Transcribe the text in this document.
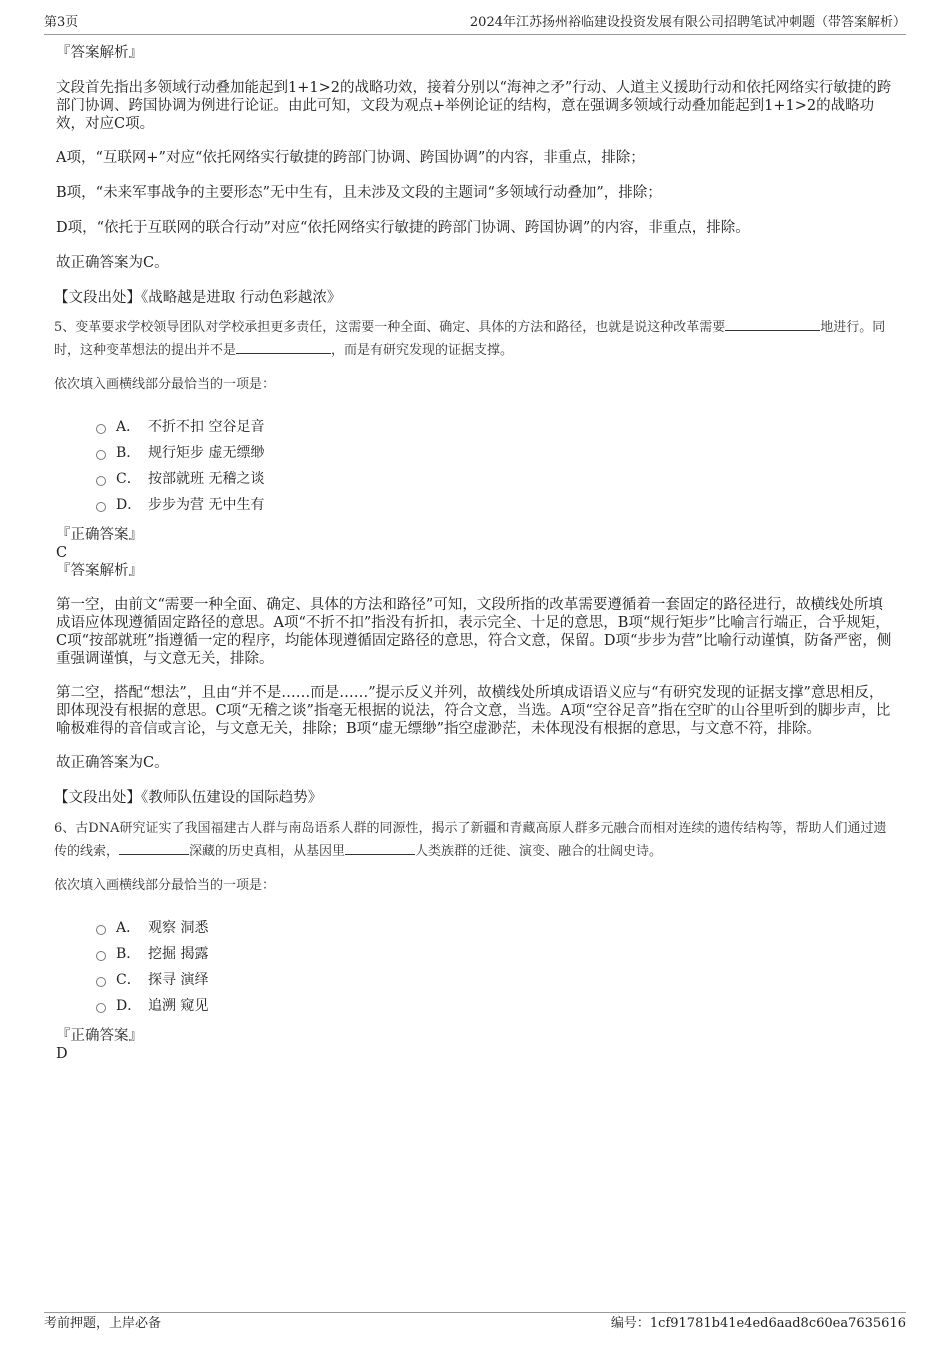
第3页	2024年江苏扬州裕临建设投资发展有限公司招聘笔试冲刺题（带答案解析）

『答案解析』

文段首先指出多领域行动叠加能起到1+1>2的战略功效，接着分别以“海神之矛”行动、人道主义援助行动和依托网络实行敏捷的跨部门协调、跨国协调为例进行论证。由此可知，文段为观点+举例论证的结构，意在强调多领域行动叠加能起到1+1>2的战略功效，对应C项。

A项，“互联网+”对应“依托网络实行敏捷的跨部门协调、跨国协调”的内容，非重点，排除；

B项，“未来军事战争的主要形态”无中生有，且未涉及文段的主题词“多领域行动叠加”，排除；

D项，“依托于互联网的联合行动”对应“依托网络实行敏捷的跨部门协调、跨国协调”的内容，非重点，排除。

故正确答案为C。

【文段出处】《战略越是进取 行动色彩越浓》

5、变革要求学校领导团队对学校承担更多责任，这需要一种全面、确定、具体的方法和路径，也就是说这种改革需要	地进行。同时，这种变革想法的提出并不是	，而是有研究发现的证据支撑。

依次填入画横线部分最恰当的一项是：

A． 不折不扣 空谷足音
B． 规行矩步 虚无缥缈
C． 按部就班 无稽之谈
D． 步步为营 无中生有

『正确答案』

C

『答案解析』

第一空，由前文“需要一种全面、确定、具体的方法和路径”可知，文段所指的改革需要遵循着一套固定的路径进行，故横线处所填成语应体现遵循固定路径的意思。A项“不折不扣”指没有折扣，表示完全、十足的意思，B项“规行矩步”比喻言行端正，合乎规矩，C项“按部就班”指遵循一定的程序，均能体现遵循固定路径的意思，符合文意，保留。D项“步步为营”比喻行动谨慎，防备严密，侧重强调谨慎，与文意无关，排除。

第二空，搭配“想法”，且由“并不是……而是……”提示反义并列，故横线处所填成语语义应与“有研究发现的证据支撑”意思相反，即体现没有根据的意思。C项“无稽之谈”指毫无根据的说法，符合文意，当选。A项“空谷足音”指在空旷的山谷里听到的脚步声，比喻极难得的音信或言论，与文意无关，排除；B项“虚无缥缈”指空虚渺茫，未体现没有根据的意思，与文意不符，排除。

故正确答案为C。

【文段出处】《教师队伍建设的国际趋势》

6、古DNA研究证实了我国福建古人群与南岛语系人群的同源性，揭示了新疆和青藏高原人群多元融合而相对连续的遗传结构等，帮助人们通过遗传的线索，	深藏的历史真相，从基因里	人类族群的迁徙、演变、融合的壮阔史诗。

依次填入画横线部分最恰当的一项是：

A． 观察 洞悉
B． 挖掘 揭露
C． 探寻 演绎
D． 追溯 窥见

『正确答案』

D

考前押题，上岸必备	编号：1cf91781b41e4ed6aad8c60ea7635616
